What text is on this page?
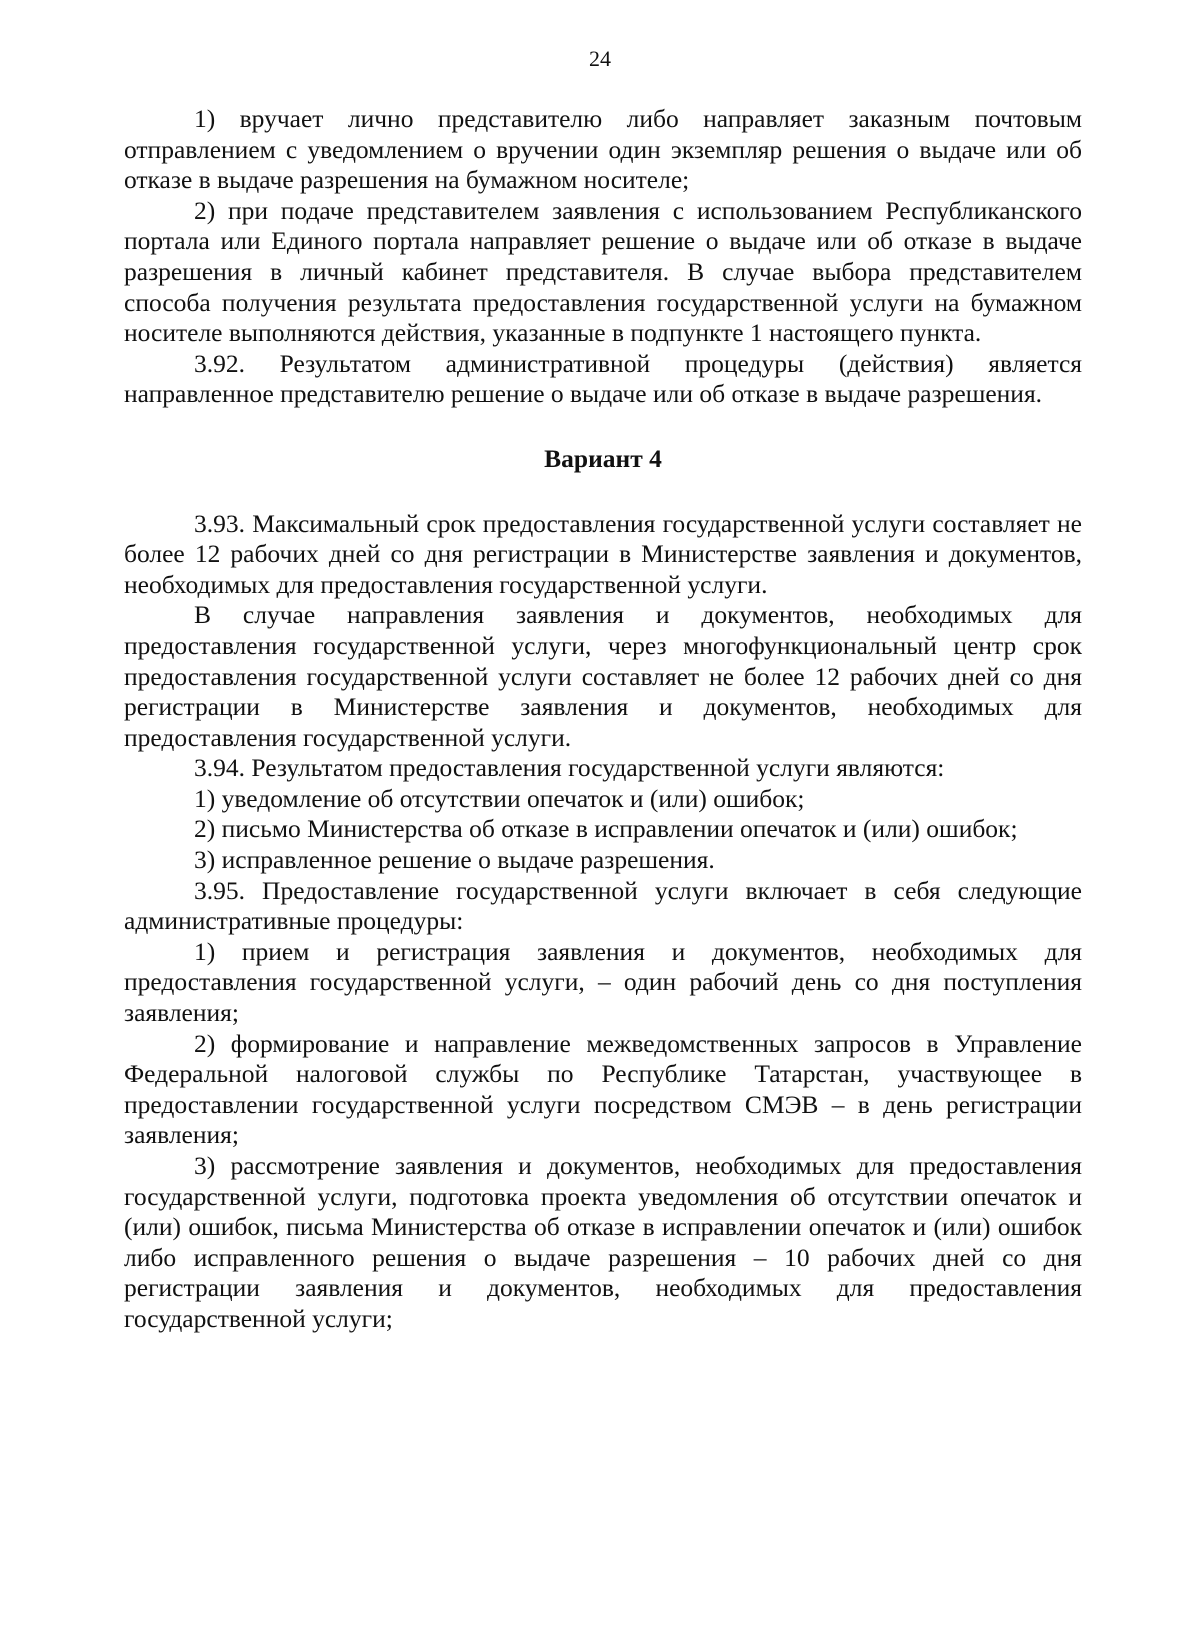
24

1) вручает лично представителю либо направляет заказным почтовым отправлением с уведомлением о вручении один экземпляр решения о выдаче или об отказе в выдаче разрешения на бумажном носителе;

2) при подаче представителем заявления с использованием Республиканского портала или Единого портала направляет решение о выдаче или об отказе в выдаче разрешения в личный кабинет представителя. В случае выбора представителем способа получения результата предоставления государственной услуги на бумажном носителе выполняются действия, указанные в подпункте 1 настоящего пункта.

3.92. Результатом административной процедуры (действия) является направленное представителю решение о выдаче или об отказе в выдаче разрешения.

Вариант 4

3.93. Максимальный срок предоставления государственной услуги составляет не более 12 рабочих дней со дня регистрации в Министерстве заявления и документов, необходимых для предоставления государственной услуги.

В случае направления заявления и документов, необходимых для предоставления государственной услуги, через многофункциональный центр срок предоставления государственной услуги составляет не более 12 рабочих дней со дня регистрации в Министерстве заявления и документов, необходимых для предоставления государственной услуги.

3.94. Результатом предоставления государственной услуги являются:

1) уведомление об отсутствии опечаток и (или) ошибок;

2) письмо Министерства об отказе в исправлении опечаток и (или) ошибок;

3) исправленное решение о выдаче разрешения.

3.95. Предоставление государственной услуги включает в себя следующие административные процедуры:

1) прием и регистрация заявления и документов, необходимых для предоставления государственной услуги, – один рабочий день со дня поступления заявления;

2) формирование и направление межведомственных запросов в Управление Федеральной налоговой службы по Республике Татарстан, участвующее в предоставлении государственной услуги посредством СМЭВ – в день регистрации заявления;

3) рассмотрение заявления и документов, необходимых для предоставления государственной услуги, подготовка проекта уведомления об отсутствии опечаток и (или) ошибок, письма Министерства об отказе в исправлении опечаток и (или) ошибок либо исправленного решения о выдаче разрешения – 10 рабочих дней со дня регистрации заявления и документов, необходимых для предоставления государственной услуги;
